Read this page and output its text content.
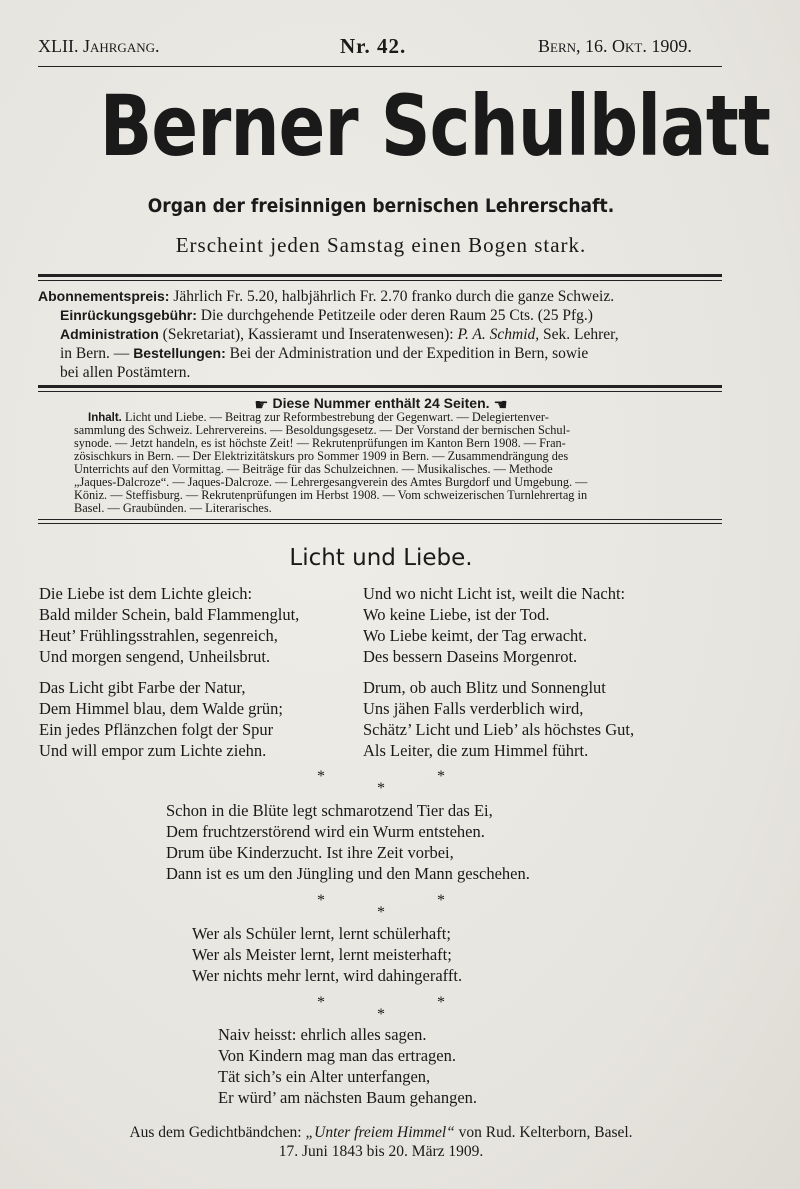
XLII. Jahrgang.	Nr. 42.	Bern, 16. Okt. 1909.
Berner Schulblatt
Organ der freisinnigen bernischen Lehrerschaft.
Erscheint jeden Samstag einen Bogen stark.
Abonnementspreis: Jährlich Fr. 5.20, halbjährlich Fr. 2.70 franko durch die ganze Schweiz.
Einrückungsgebühr: Die durchgehende Petitzeile oder deren Raum 25 Cts. (25 Pfg.)
Administration (Sekretariat), Kassieramt und Inseratenwesen): P. A. Schmid, Sek. Lehrer,
in Bern. — Bestellungen: Bei der Administration und der Expedition in Bern, sowie
bei allen Postämtern.
☛ Diese Nummer enthält 24 Seiten. ☚
Inhalt. Licht und Liebe. — Beitrag zur Reformbestrebung der Gegenwart. — Delegiertenver-
sammlung des Schweiz. Lehrervereins. — Besoldungsgesetz. — Der Vorstand der bernischen Schul-
synode. — Jetzt handeln, es ist höchste Zeit! — Rekrutenprüfungen im Kanton Bern 1908. — Fran-
zösischkurs in Bern. — Der Elektrizitätskurs pro Sommer 1909 in Bern. — Zusammendrängung des
Unterrichts auf den Vormittag. — Beiträge für das Schulzeichnen. — Musikalisches. — Methode
„Jaques-Dalcroze“. — Jaques-Dalcroze. — Lehrergesangverein des Amtes Burgdorf und Umgebung. —
Köniz. — Steffisburg. — Rekrutenprüfungen im Herbst 1908. — Vom schweizerischen Turnlehrertag in
Basel. — Graubünden. — Literarisches.
Licht und Liebe.
Die Liebe ist dem Lichte gleich:
Bald milder Schein, bald Flammenglut,
Heut’ Frühlingsstrahlen, segenreich,
Und morgen sengend, Unheilsbrut.
Und wo nicht Licht ist, weilt die Nacht:
Wo keine Liebe, ist der Tod.
Wo Liebe keimt, der Tag erwacht.
Des bessern Daseins Morgenrot.
Das Licht gibt Farbe der Natur,
Dem Himmel blau, dem Walde grün;
Ein jedes Pflänzchen folgt der Spur
Und will empor zum Lichte ziehn.
Drum, ob auch Blitz und Sonnenglut
Uns jähen Falls verderblich wird,
Schätz’ Licht und Lieb’ als höchstes Gut,
Als Leiter, die zum Himmel führt.
*	*
*
Schon in die Blüte legt schmarotzend Tier das Ei,
Dem fruchtzerstörend wird ein Wurm entstehen.
Drum übe Kinderzucht. Ist ihre Zeit vorbei,
Dann ist es um den Jüngling und den Mann geschehen.
*	*
*
Wer als Schüler lernt, lernt schülerhaft;
Wer als Meister lernt, lernt meisterhaft;
Wer nichts mehr lernt, wird dahingerafft.
*	*
*
Naiv heisst: ehrlich alles sagen.
Von Kindern mag man das ertragen.
Tät sich’s ein Alter unterfangen,
Er würd’ am nächsten Baum gehangen.
Aus dem Gedichtbändchen: „Unter freiem Himmel“ von Rud. Kelterborn, Basel.
17. Juni 1843 bis 20. März 1909.
